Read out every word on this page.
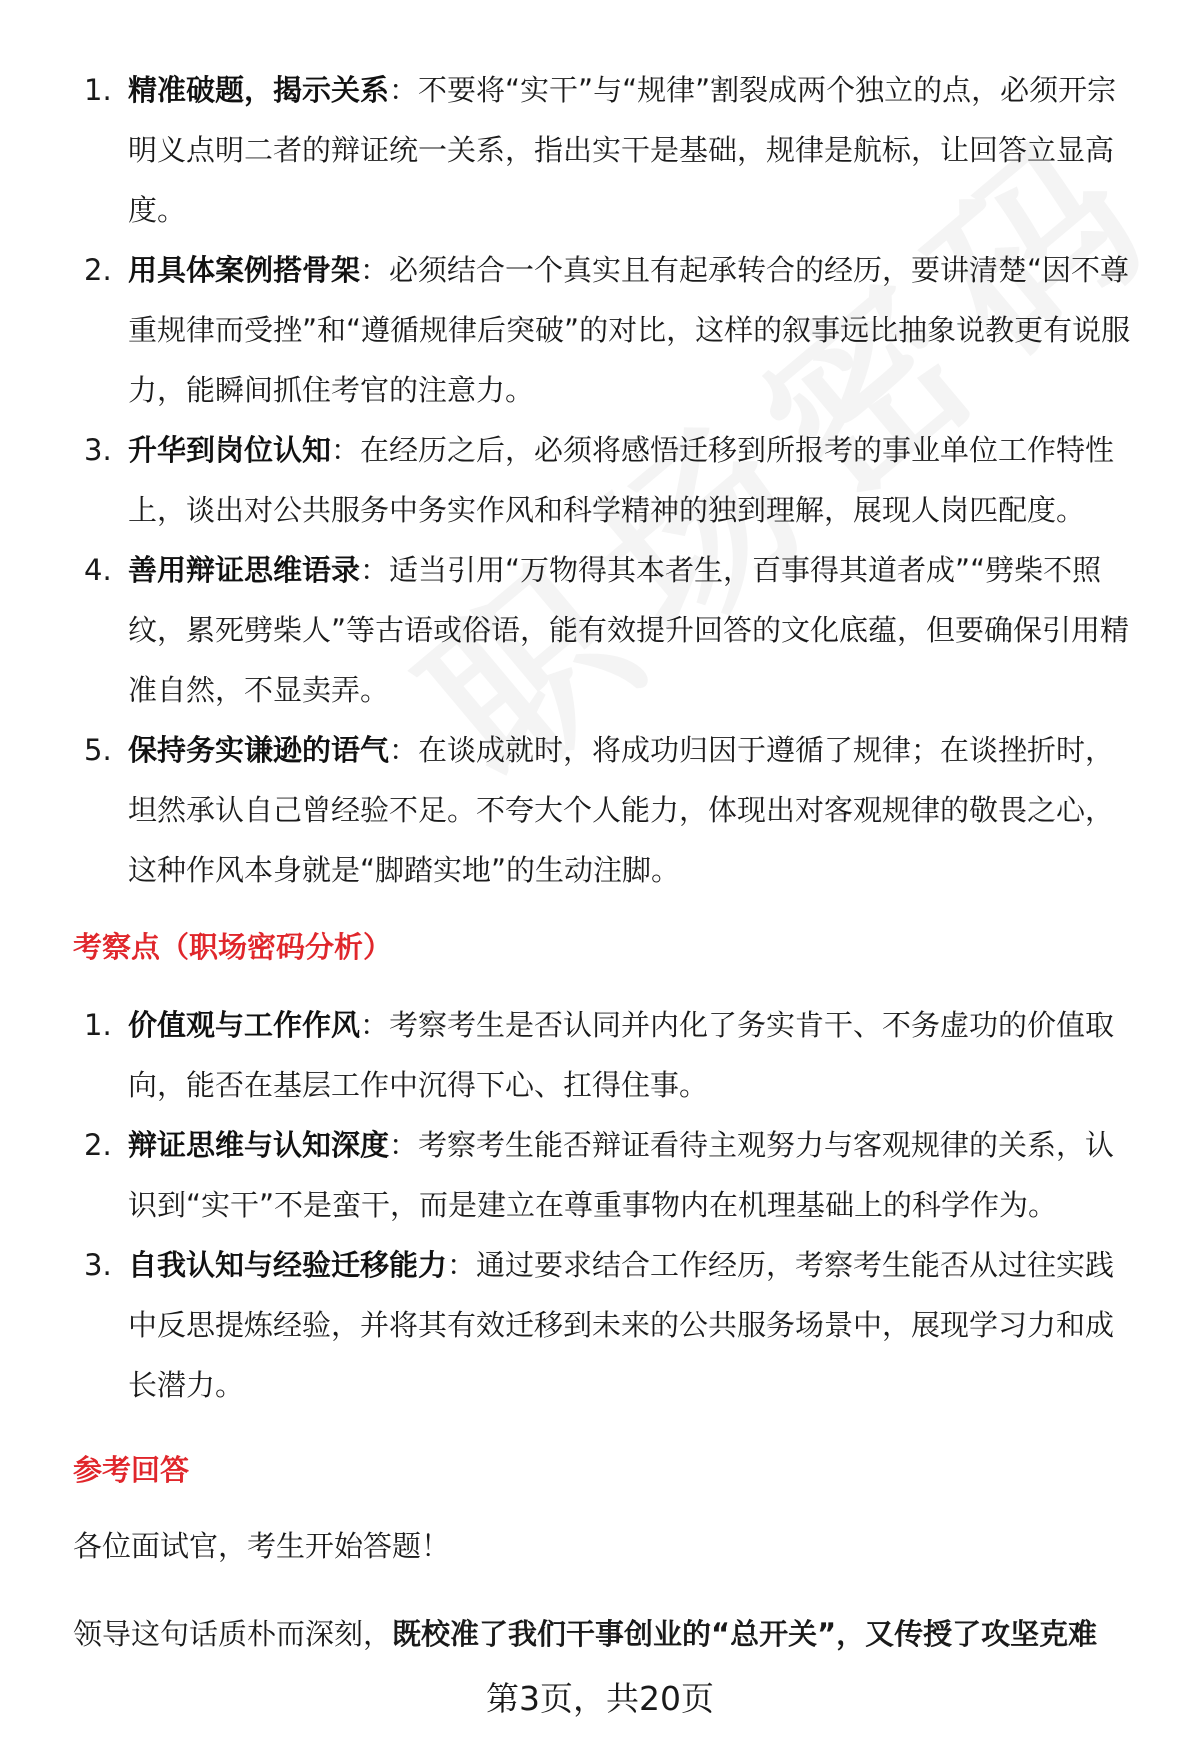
1. 精准破题，揭示关系：不要将“实干”与“规律”割裂成两个独立的点，必须开宗明义点明二者的辩证统一关系，指出实干是基础，规律是航标，让回答立显高度。
2. 用具体案例搭骨架：必须结合一个真实且有起承转合的经历，要讲清楚“因不尊重规律而受挫”和“遵循规律后突破”的对比，这样的叙事远比抽象说教更有说服力，能瞬间抓住考官的注意力。
3. 升华到岗位认知：在经历之后，必须将感悟迁移到所报考的事业单位工作特性上，谈出对公共服务中务实作风和科学精神的独到理解，展现人岗匹配度。
4. 善用辩证思维语录：适当引用“万物得其本者生，百事得其道者成”“劈柴不照纹，累死劈柴人”等古语或俗语，能有效提升回答的文化底蕴，但要确保引用精准自然，不显卖弄。
5. 保持务实谦逊的语气：在谈成就时，将成功归因于遵循了规律；在谈挫折时，坦然承认自己曾经验不足。不夸大个人能力，体现出对客观规律的敬畏之心，这种作风本身就是“脚踏实地”的生动注脚。
考察点（职场密码分析）
1. 价值观与工作作风：考察考生是否认同并内化了务实肯干、不务虚功的价值取向，能否在基层工作中沉得下心、扛得住事。
2. 辩证思维与认知深度：考察考生能否辩证看待主观努力与客观规律的关系，认识到“实干”不是蛮干，而是建立在尊重事物内在机理基础上的科学作为。
3. 自我认知与经验迁移能力：通过要求结合工作经历，考察考生能否从过往实践中反思提炼经验，并将其有效迁移到未来的公共服务场景中，展现学习力和成长潜力。
参考回答
各位面试官，考生开始答题！
领导这句话质朴而深刻，既校准了我们干事创业的“总开关”，又传授了攻坚克难
第3页，共20页
